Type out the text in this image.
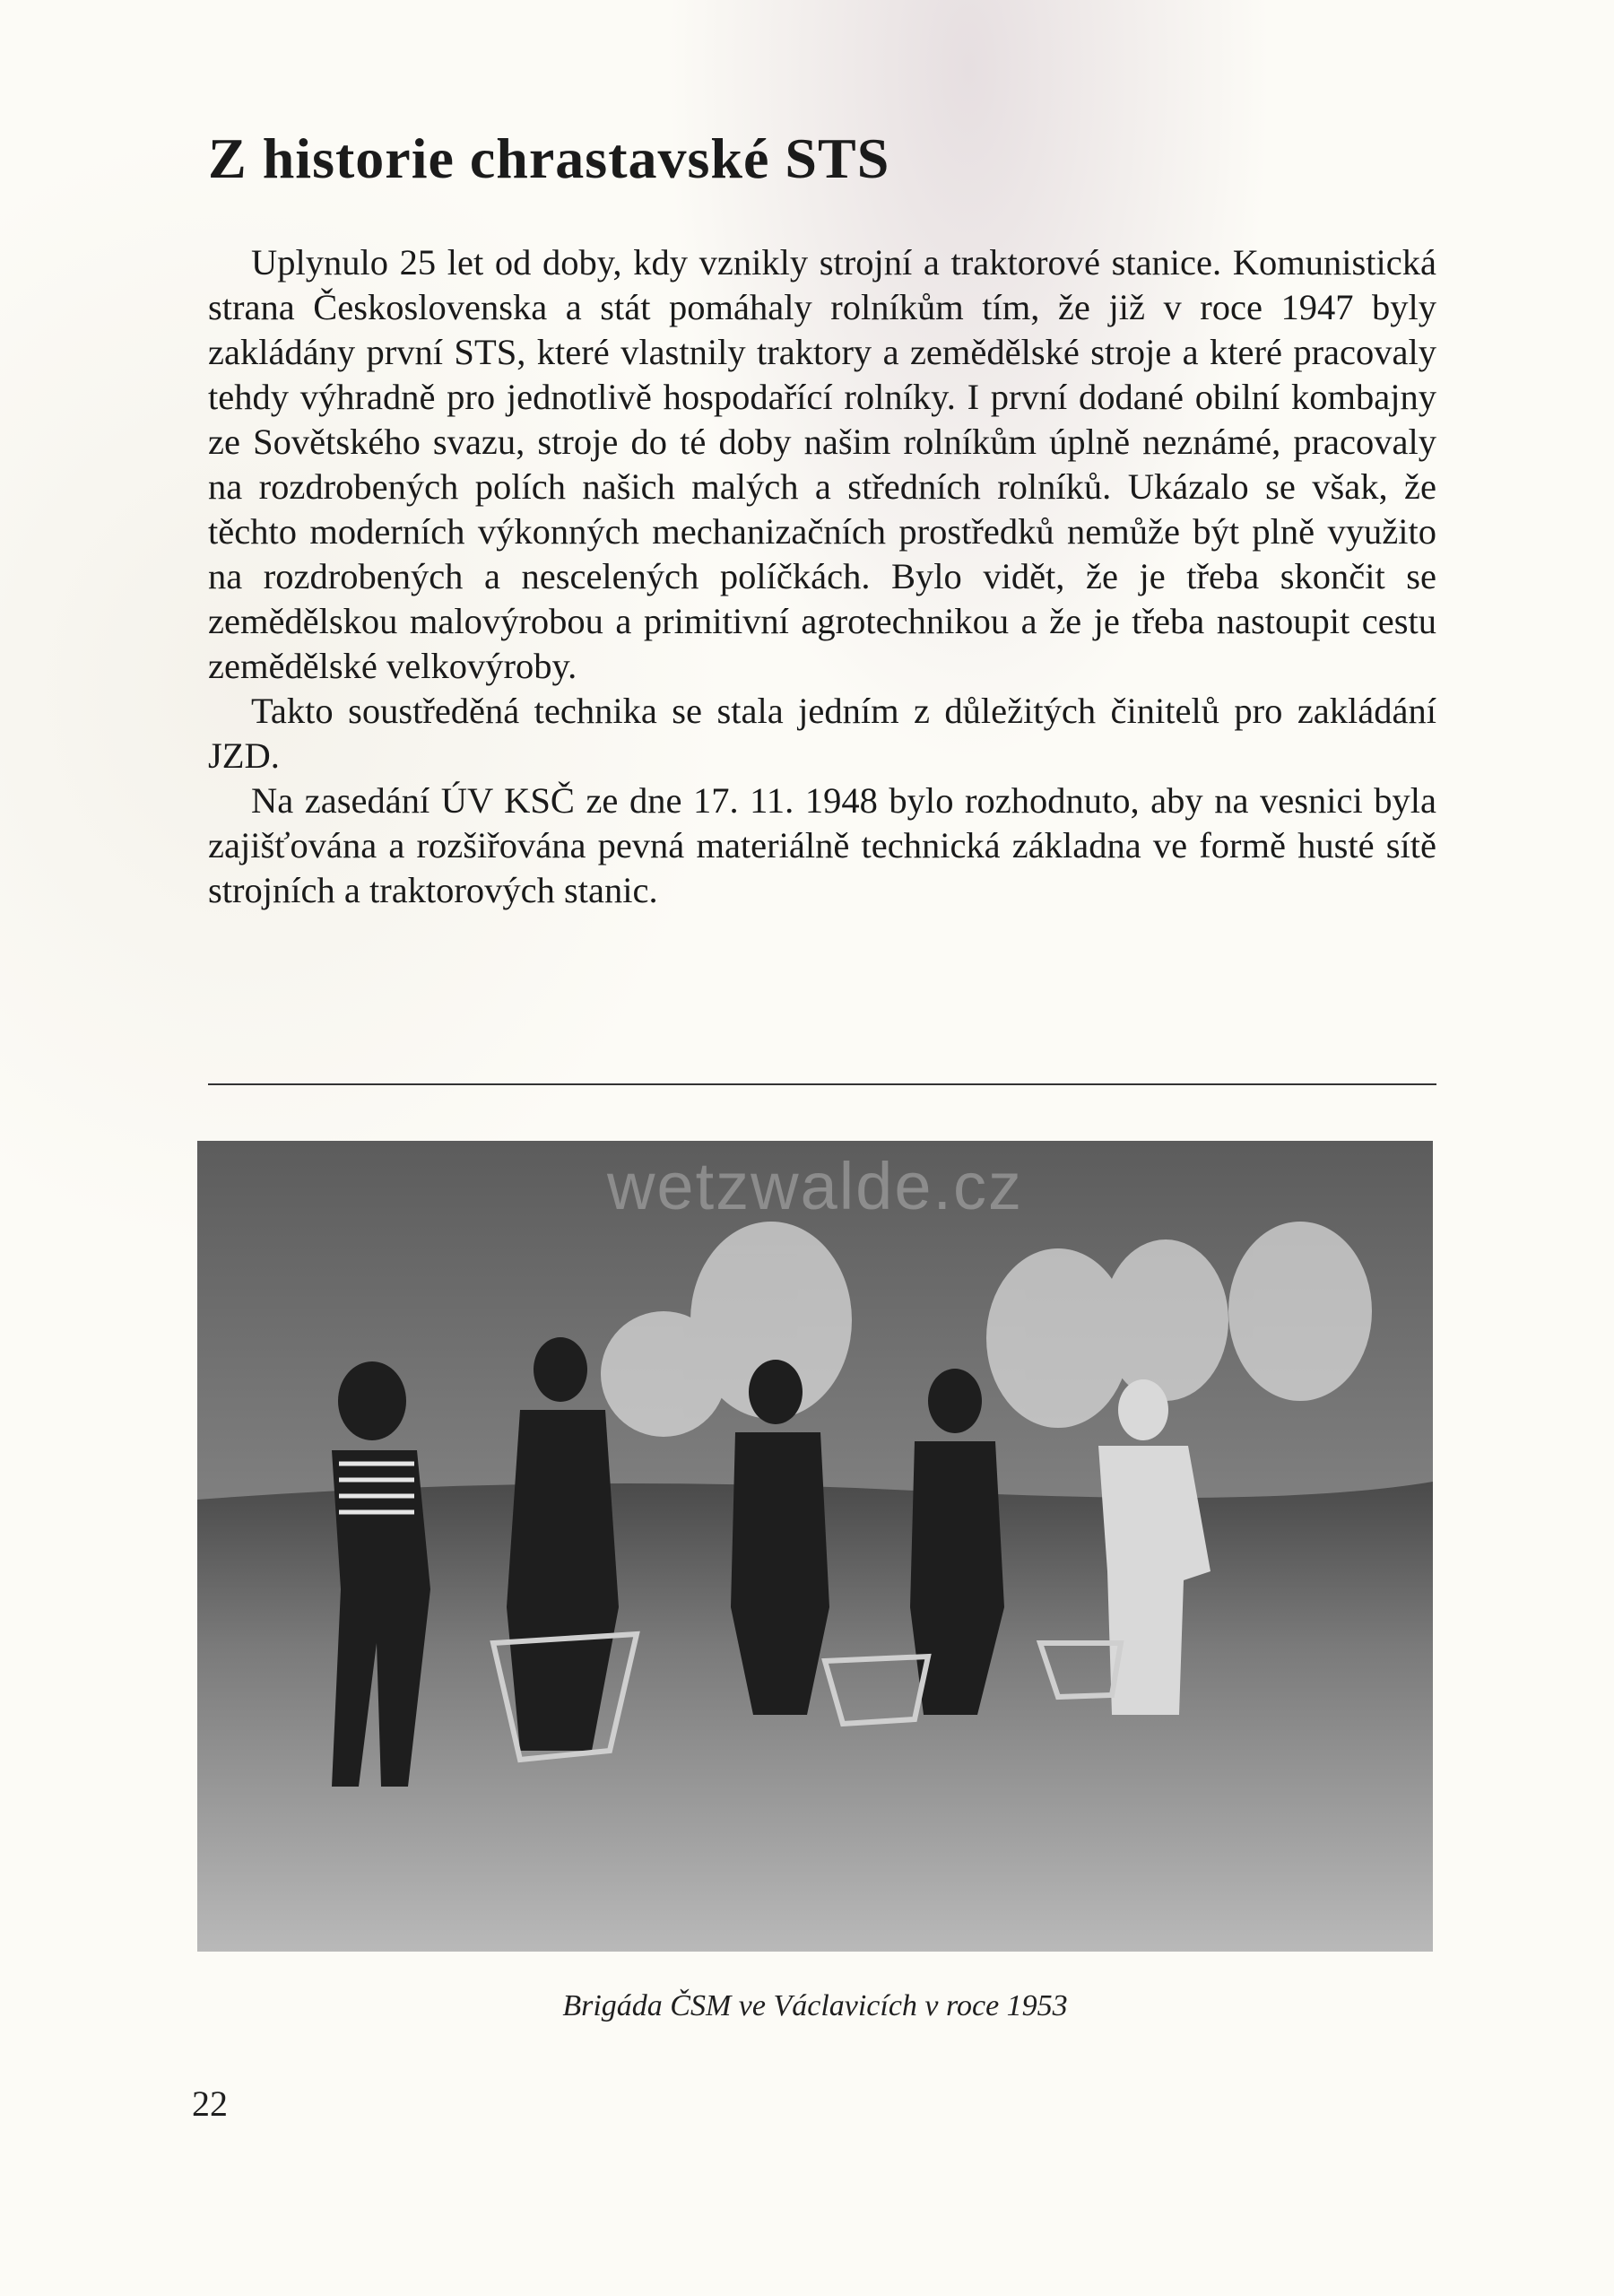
Z historie chrastavské STS

Uplynulo 25 let od doby, kdy vznikly strojní a traktorové stanice. Komunistická strana Československa a stát pomáhaly rolníkům tím, že již v roce 1947 byly zakládány první STS, které vlastnily traktory a zemědělské stroje a které pracovaly tehdy výhradně pro jednotlivě hospodařící rolníky. I první dodané obilní kombajny ze Sovětského svazu, stroje do té doby našim rolníkům úplně neznámé, pracovaly na rozdrobených polích našich malých a středních rolníků. Ukázalo se však, že těchto moderních výkonných mechanizačních prostředků nemůže být plně využito na rozdrobených a nescelených políčkách. Bylo vidět, že je třeba skončit se zemědělskou malovýrobou a primitivní agrotechnikou a že je třeba nastoupit cestu zemědělské velkovýroby.

Takto soustředěná technika se stala jedním z důležitých činitelů pro zakládání JZD.

Na zasedání ÚV KSČ ze dne 17. 11. 1948 bylo rozhodnuto, aby na vesnici byla zajišťována a rozšiřována pevná materiálně technická základna ve formě husté sítě strojních a traktorových stanic.

wetzwalde.cz
Brigáda ČSM ve Václavicích v roce 1953
22
